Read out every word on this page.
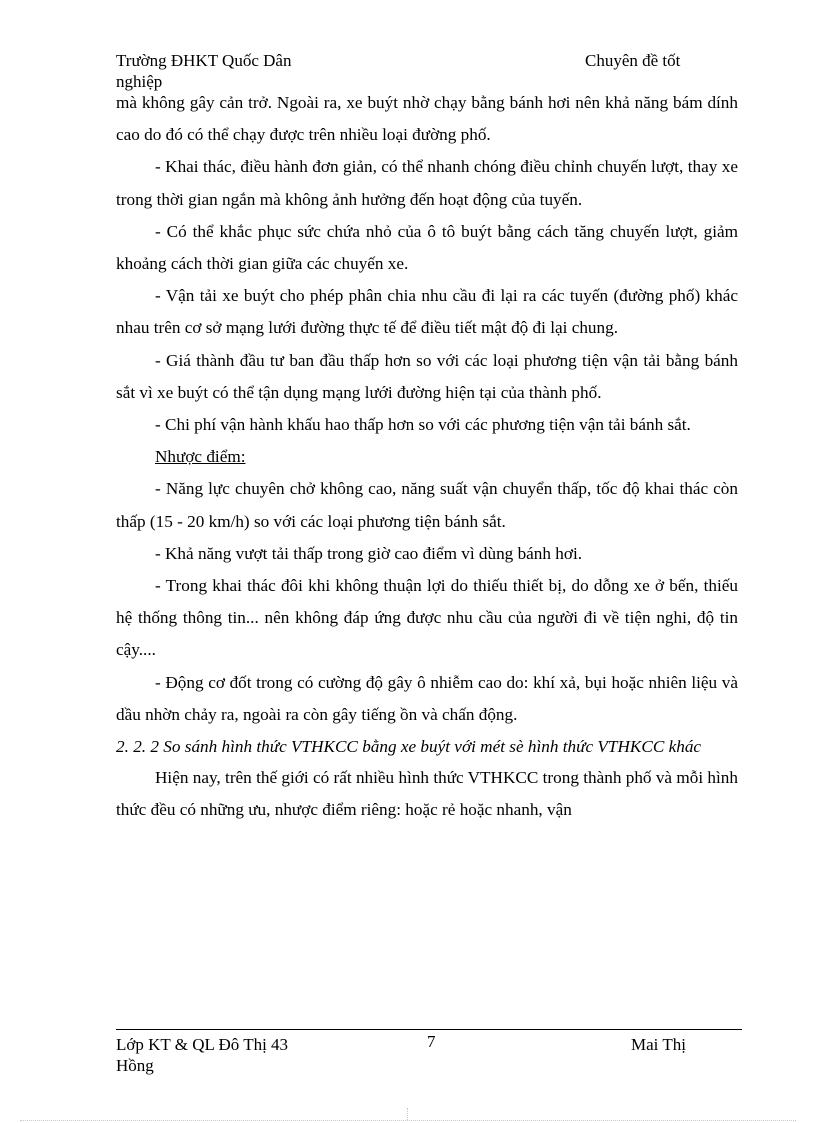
Trường ĐHKT Quốc Dân
nghiệp
Chuyên đề tốt

mà không gây cản trở. Ngoài ra, xe buýt nhờ chạy bằng bánh hơi nên khả năng bám dính cao do đó có thể chạy được trên nhiều loại đường phố.

- Khai thác, điều hành đơn giản, có thể nhanh chóng điều chỉnh chuyến lượt, thay xe trong thời gian ngắn mà không ảnh hưởng đến hoạt động của tuyến.

- Có thể khắc phục sức chứa nhỏ của ô tô buýt bằng cách tăng chuyến lượt, giảm khoảng cách thời gian giữa các chuyến xe.

- Vận tải xe buýt cho phép phân chia nhu cầu đi lại ra các tuyến (đường phố) khác nhau trên cơ sở mạng lưới đường thực tế để điều tiết mật độ đi lại chung.

- Giá thành đầu tư ban đầu thấp hơn so với các loại phương tiện vận tải bằng bánh sắt vì xe buýt có thể tận dụng mạng lưới đường hiện tại của thành phố.

- Chi phí vận hành khấu hao thấp hơn so với các phương tiện vận tải bánh sắt.

Nhược điểm:

- Năng lực chuyên chở không cao, năng suất vận chuyển thấp, tốc độ khai thác còn thấp (15 - 20 km/h) so với các loại phương tiện bánh sắt.

- Khả năng vượt tải thấp trong giờ cao điểm vì dùng bánh hơi.

- Trong khai thác đôi khi không thuận lợi do thiếu thiết bị, do dỗng xe ở bến, thiếu hệ thống thông tin... nên không đáp ứng được nhu cầu của người đi về tiện nghi, độ tin cậy....

- Động cơ đốt trong có cường độ gây ô nhiễm cao do: khí xả, bụi hoặc nhiên liệu và dầu nhờn chảy ra, ngoài ra còn gây tiếng ồn và chấn động.

2. 2. 2 So sánh hình thức VTHKCC bằng xe buýt với mét sè hình thức VTHKCC khác

Hiện nay, trên thế giới có rất nhiều hình thức VTHKCC trong thành phố và mỗi hình thức đều có những ưu, nhược điểm riêng: hoặc rẻ hoặc nhanh, vận

Lớp KT & QL Đô Thị 43
Hồng
7	Mai Thị
